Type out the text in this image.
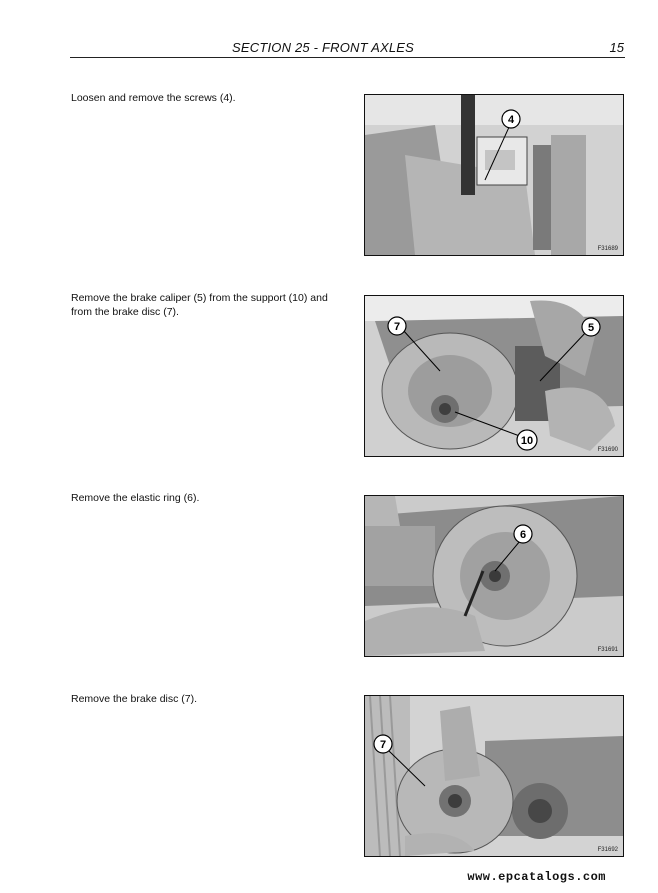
SECTION 25 - FRONT AXLES	15
Loosen and remove the screws (4).
4
F31689
Remove the brake caliper (5) from the support (10) and from the brake disc (7).
7	5
10
F31690
Remove the elastic ring (6).
6
F31691
Remove the brake disc (7).
7
F31692
www.epcatalogs.com
